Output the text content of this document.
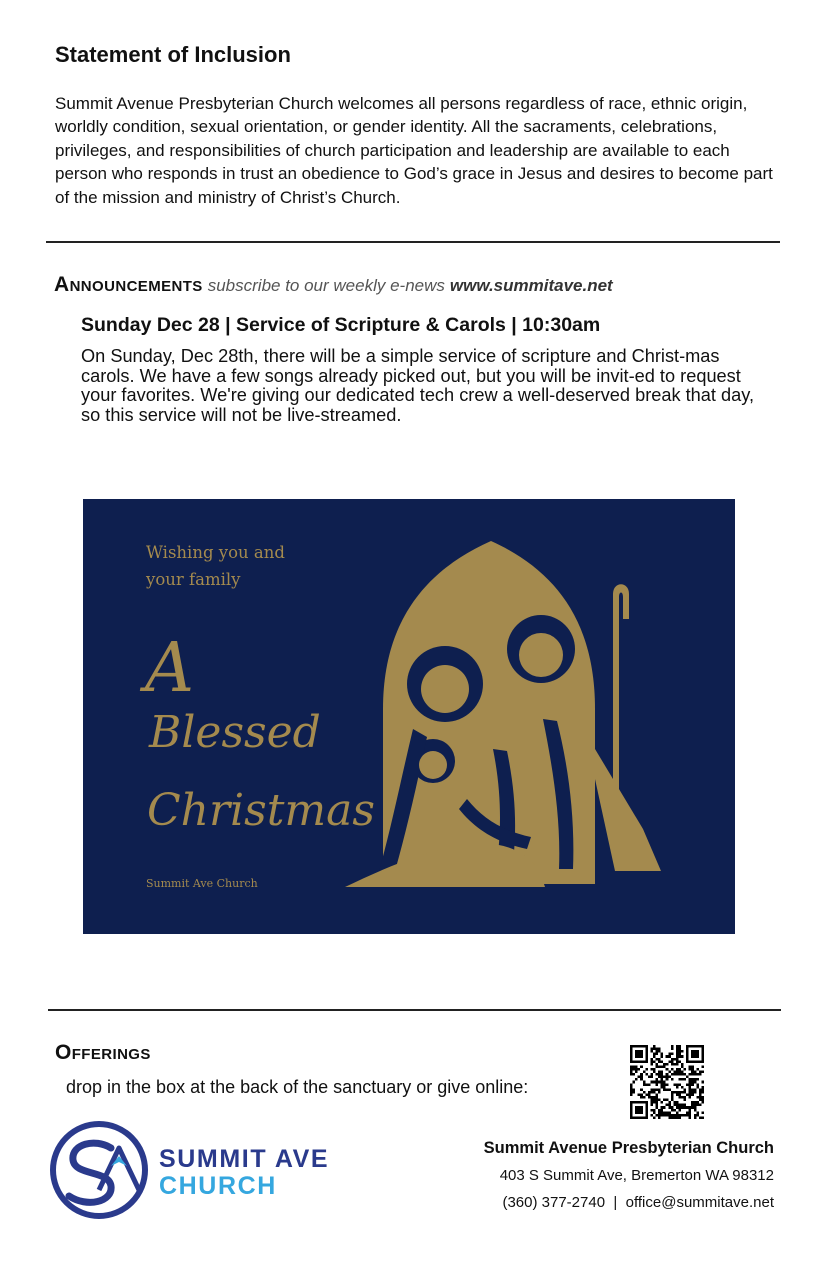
Statement of Inclusion
Summit Avenue Presbyterian Church welcomes all persons regardless of race, ethnic origin, worldly condition, sexual orientation, or gender identity. All the sacraments, celebrations, privileges, and responsibilities of church participation and leadership are available to each person who responds in trust an obedience to God’s grace in Jesus and desires to become part of the mission and ministry of Christ’s Church.
Announcements subscribe to our weekly e-news www.summitave.net
Sunday Dec 28 | Service of Scripture & Carols | 10:30am
On Sunday, Dec 28th, there will be a simple service of scripture and Christ-mas carols. We have a few songs already picked out, but you will be invit-ed to request your favorites. We're giving our dedicated tech crew a well-deserved break that day, so this service will not be live-streamed.
Wishing you and
your family
A
Blessed
Christmas
Summit Ave Church
Offerings
drop in the box at the back of the sanctuary or give online:
SUMMIT AVE
CHURCH
Summit Avenue Presbyterian Church
403 S Summit Ave, Bremerton WA 98312
(360) 377-2740 | office@summitave.net
